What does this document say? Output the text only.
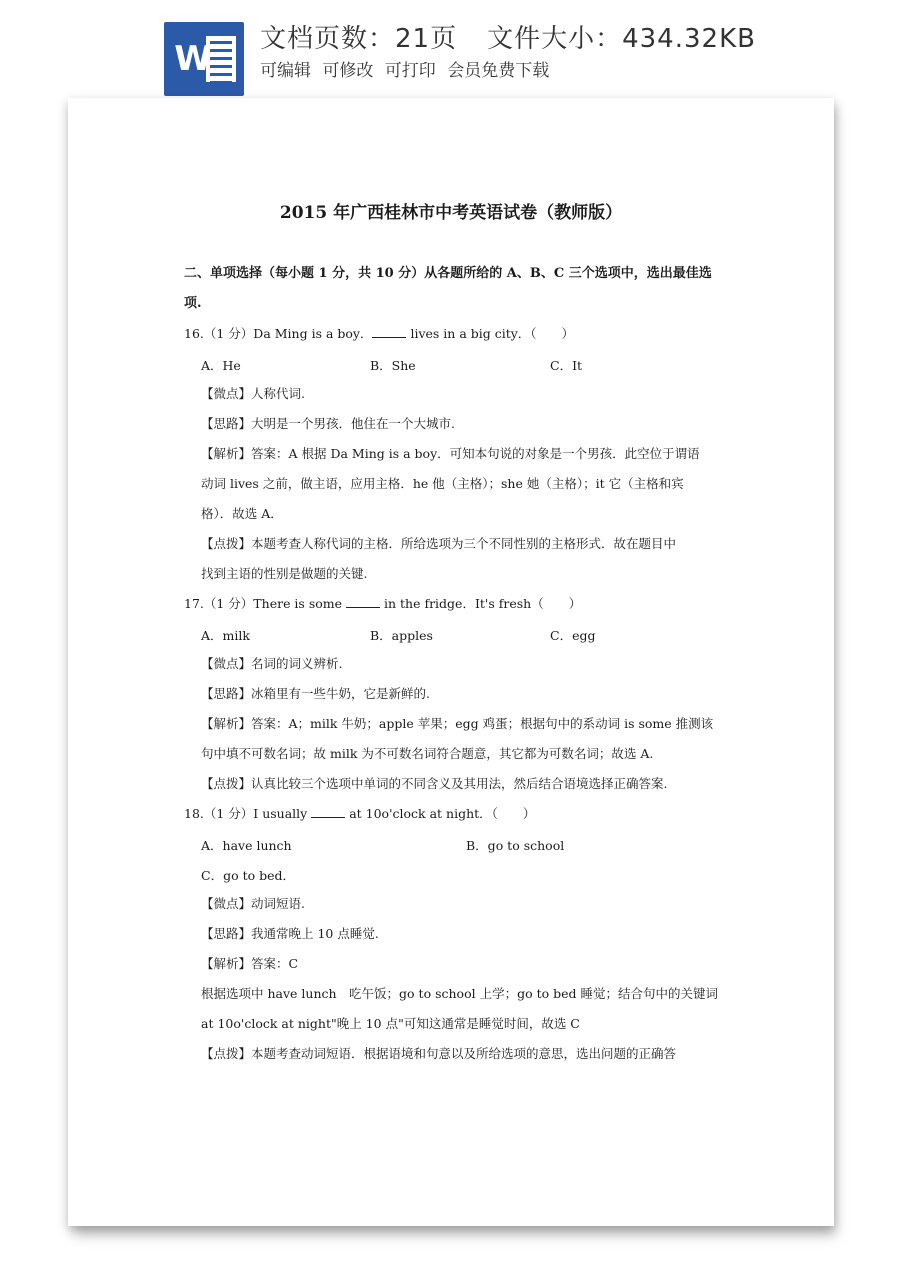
W 文档页数：21页 文件大小：434.32KB
可编辑 可修改 可打印 会员免费下载
2015 年广西桂林市中考英语试卷（教师版）
二、单项选择（每小题 1 分，共 10 分）从各题所给的 A、B、C 三个选项中，选出最佳选
项.
16.（1 分）Da Ming is a boy．	lives in a big city．（　　）
A．He	B．She	C．It
【微点】人称代词.
【思路】大明是一个男孩．他住在一个大城市.
【解析】答案：A 根据 Da Ming is a boy．可知本句说的对象是一个男孩．此空位于谓语
动词 lives 之前，做主语，应用主格．he 他（主格）；she 她（主格）；it 它（主格和宾
格）．故选 A．
【点拨】本题考查人称代词的主格．所给选项为三个不同性别的主格形式．故在题目中
找到主语的性别是做题的关键.
17.（1 分）There is some	in the fridge．It's fresh（　　）
A．milk	B．apples	C．egg
【微点】名词的词义辨析.
【思路】冰箱里有一些牛奶，它是新鲜的.
【解析】答案：A；milk 牛奶；apple 苹果；egg 鸡蛋；根据句中的系动词 is some 推测该
句中填不可数名词；故 milk 为不可数名词符合题意，其它都为可数名词；故选 A.
【点拨】认真比较三个选项中单词的不同含义及其用法，然后结合语境选择正确答案.
18.（1 分）I usually	at 10o'clock at night．（　　）
A．have lunch	B．go to school
C．go to bed．
【微点】动词短语.
【思路】我通常晚上 10 点睡觉.
【解析】答案：C
根据选项中 have lunch　吃午饭；go to school 上学；go to bed 睡觉；结合句中的关键词
at 10o'clock at night"晚上 10 点"可知这通常是睡觉时间，故选 C
【点拨】本题考查动词短语．根据语境和句意以及所给选项的意思，选出问题的正确答
